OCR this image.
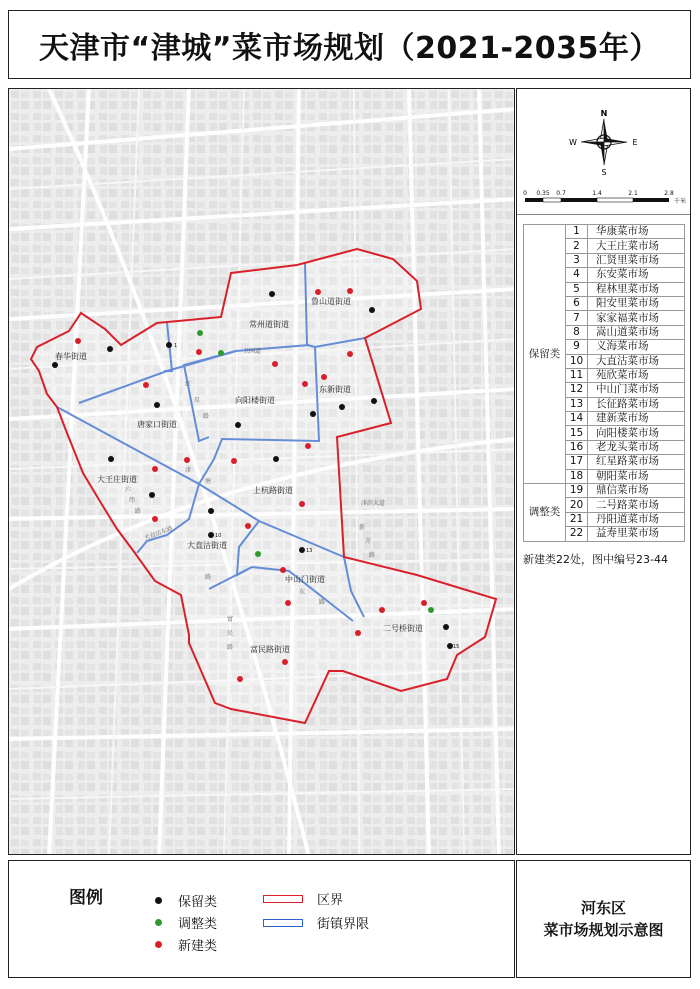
天津市“津城”菜市场规划（2021-2035年）
春华街道
常州道街道
鲁山道街道
东新街道
向阳楼街道
唐家口街道
大王庄街道
上杭路街道
大直沽街道
中山门街道
二号桥街道
富民路街道
卫国道
津滨大道
大直沽东路
六
纬
路
红
星
路
富
民
路
津
塘
路
新
开
路
东
路
1
10
13
15
N
S
W	E
0 0.35 0.7	1.4	2.1	2.8
千米
保留类	1	华康菜市场
	2	大王庄菜市场
	3	汇贤里菜市场
	4	东安菜市场
	5	程林里菜市场
	6	阳安里菜市场
	7	家家福菜市场
	8	嵩山道菜市场
	9	义海菜市场
	10	大直沽菜市场
	11	苑欣菜市场
	12	中山门菜市场
	13	长征路菜市场
	14	建新菜市场
	15	向阳楼菜市场
	16	老龙头菜市场
	17	红星路菜市场
	18	朝阳菜市场
调整类	19	鼎信菜市场
	20	二号路菜市场
	21	丹阳道菜市场
	22	益寿里菜市场
新建类22处，图中编号23-44
图例	保留类
调整类
新建类
区界
街镇界限
河东区
菜市场规划示意图
